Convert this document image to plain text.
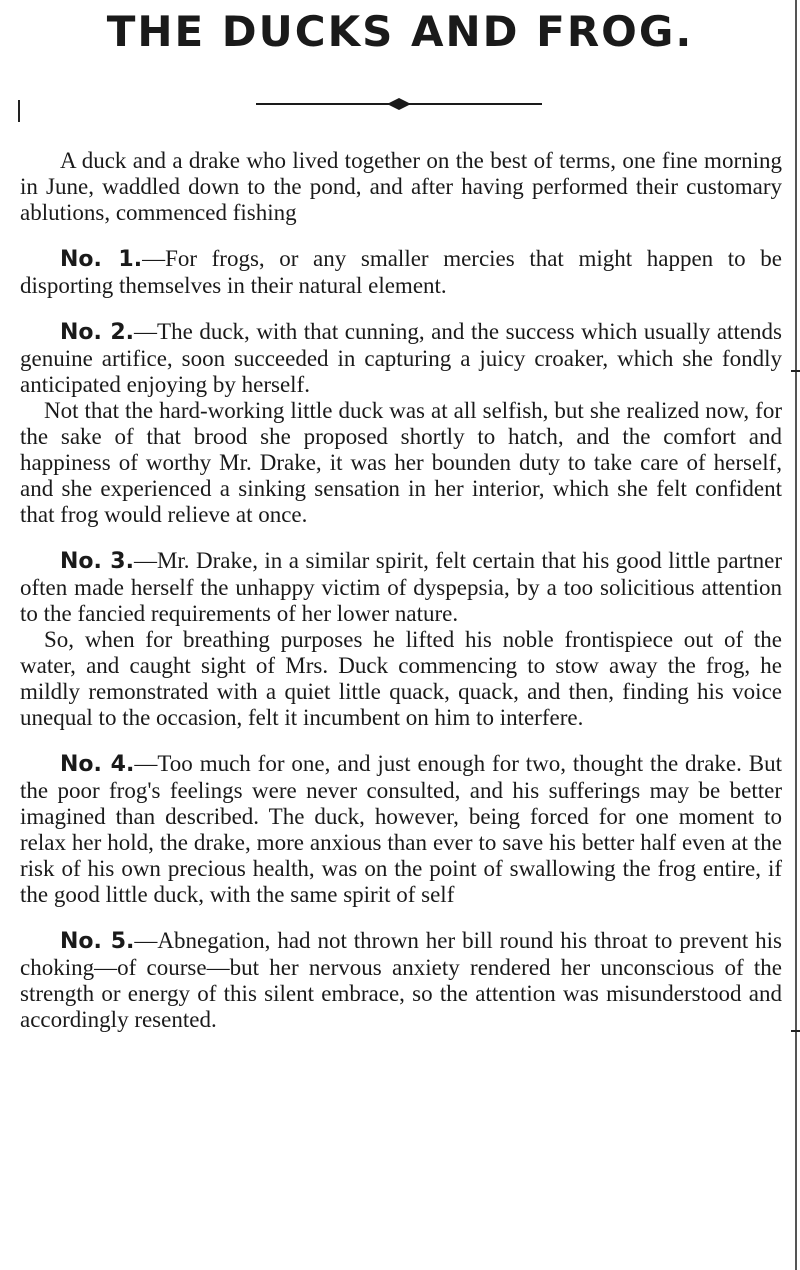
THE DUCKS AND FROG.

A duck and a drake who lived together on the best of terms, one fine morning in June, waddled down to the pond, and after having performed their customary ablutions, commenced fishing

No. 1.—For frogs, or any smaller mercies that might happen to be disporting themselves in their natural element.

No. 2.—The duck, with that cunning, and the success which usually attends genuine artifice, soon succeeded in capturing a juicy croaker, which she fondly anticipated enjoying by herself.

Not that the hard-working little duck was at all selfish, but she realized now, for the sake of that brood she proposed shortly to hatch, and the comfort and happiness of worthy Mr. Drake, it was her bounden duty to take care of herself, and she experienced a sinking sensation in her interior, which she felt confident that frog would relieve at once.

No. 3.—Mr. Drake, in a similar spirit, felt certain that his good little partner often made herself the unhappy victim of dyspepsia, by a too solicitious attention to the fancied requirements of her lower nature.

So, when for breathing purposes he lifted his noble frontispiece out of the water, and caught sight of Mrs. Duck commencing to stow away the frog, he mildly remonstrated with a quiet little quack, quack, and then, finding his voice unequal to the occasion, felt it incumbent on him to interfere.

No. 4.—Too much for one, and just enough for two, thought the drake. But the poor frog's feelings were never consulted, and his sufferings may be better imagined than described. The duck, however, being forced for one moment to relax her hold, the drake, more anxious than ever to save his better half even at the risk of his own precious health, was on the point of swallowing the frog entire, if the good little duck, with the same spirit of self

No. 5.—Abnegation, had not thrown her bill round his throat to prevent his choking—of course—but her nervous anxiety rendered her unconscious of the strength or energy of this silent embrace, so the attention was misunderstood and accordingly resented.
